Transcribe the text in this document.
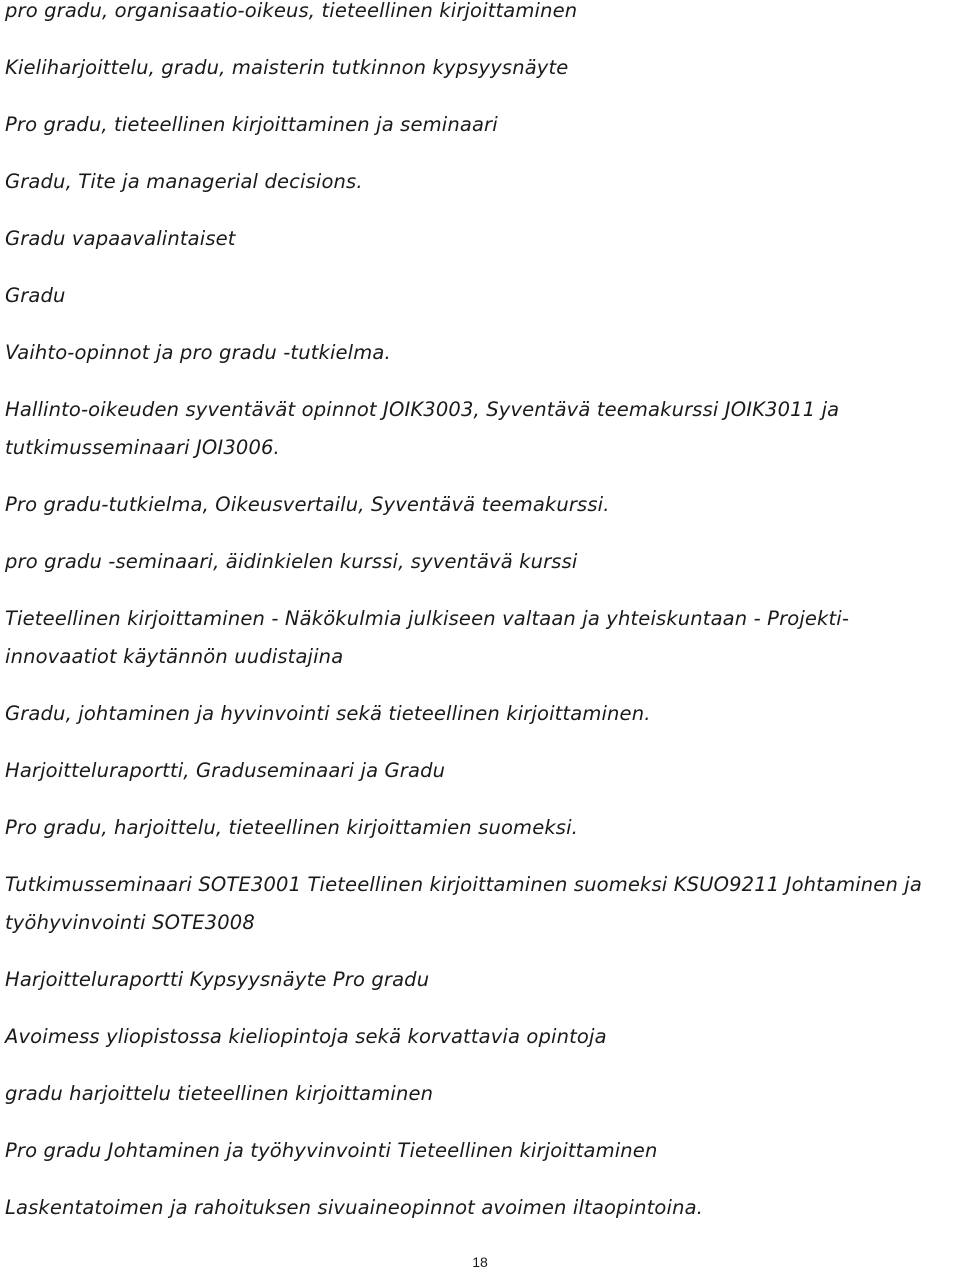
pro gradu, organisaatio-oikeus, tieteellinen kirjoittaminen

Kieliharjoittelu, gradu, maisterin tutkinnon kypsyysnäyte

Pro gradu, tieteellinen kirjoittaminen ja seminaari

Gradu, Tite ja managerial decisions.

Gradu vapaavalintaiset

Gradu

Vaihto-opinnot ja pro gradu -tutkielma.

Hallinto-oikeuden syventävät opinnot JOIK3003, Syventävä teemakurssi JOIK3011 ja tutkimusseminaari JOI3006.

Pro gradu-tutkielma, Oikeusvertailu, Syventävä teemakurssi.

pro gradu -seminaari, äidinkielen kurssi, syventävä kurssi

Tieteellinen kirjoittaminen - Näkökulmia julkiseen valtaan ja yhteiskuntaan - Projekti-innovaatiot käytännön uudistajina

Gradu, johtaminen ja hyvinvointi sekä tieteellinen kirjoittaminen.

Harjoitteluraportti, Graduseminaari ja Gradu

Pro gradu, harjoittelu, tieteellinen kirjoittamien suomeksi.

Tutkimusseminaari SOTE3001 Tieteellinen kirjoittaminen suomeksi KSUO9211 Johtaminen ja työhyvinvointi SOTE3008

Harjoitteluraportti Kypsyysnäyte Pro gradu

Avoimess yliopistossa kieliopintoja sekä korvattavia opintoja

gradu harjoittelu tieteellinen kirjoittaminen

Pro gradu Johtaminen ja työhyvinvointi Tieteellinen kirjoittaminen

Laskentatoimen ja rahoituksen sivuaineopinnot avoimen iltaopintoina.

18
